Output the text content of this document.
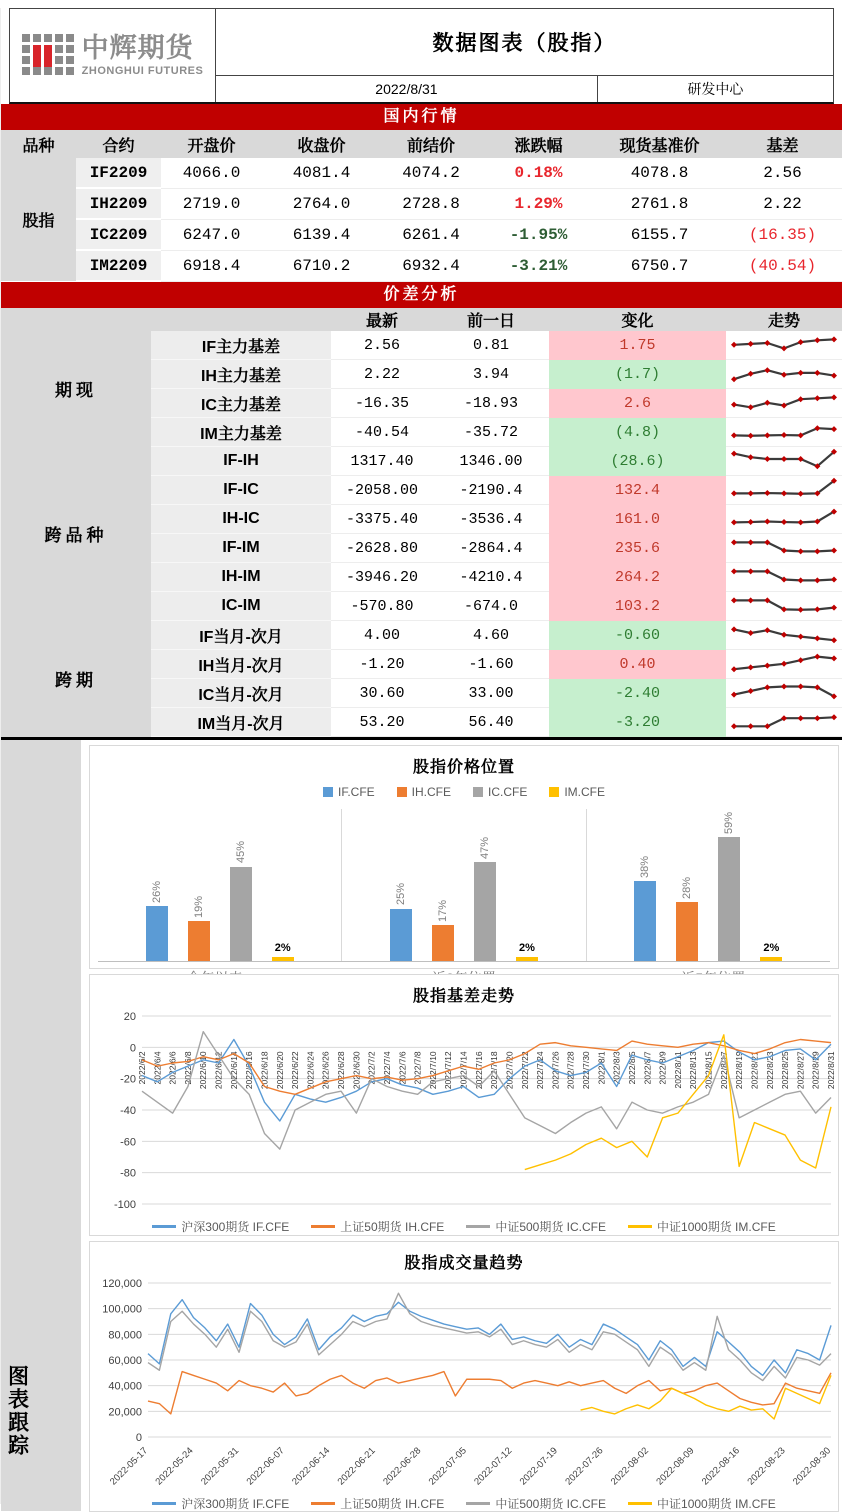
中辉期货
ZHONGHUI FUTURES
数据图表（股指）
2022/8/31	研发中心
国内行情
品种	合约	开盘价	收盘价	前结价	涨跌幅	现货基准价	基差
股指	IF2209	4066.0	4081.4	4074.2	0.18%	4078.8	2.56
	IH2209	2719.0	2764.0	2728.8	1.29%	2761.8	2.22
	IC2209	6247.0	6139.4	6261.4	-1.95%	6155.7	(16.35)
	IM2209	6918.4	6710.2	6932.4	-3.21%	6750.7	(40.54)
价差分析
		最新	前一日	变化	走势
期现	IF主力基差	2.56	0.81	1.75	
	IH主力基差	2.22	3.94	(1.7)	
	IC主力基差	-16.35	-18.93	2.6	
	IM主力基差	-40.54	-35.72	(4.8)	
跨品种	IF-IH	1317.40	1346.00	(28.6)	
	IF-IC	-2058.00	-2190.4	132.4	
	IH-IC	-3375.40	-3536.4	161.0	
	IF-IM	-2628.80	-2864.4	235.6	
	IH-IM	-3946.20	-4210.4	264.2	
	IC-IM	-570.80	-674.0	103.2	
跨期	IF当月-次月	4.00	4.60	-0.60	
	IH当月-次月	-1.20	-1.60	0.40	
	IC当月-次月	30.60	33.00	-2.40	
	IM当月-次月	53.20	56.40	-3.20	
图表跟踪
股指价格位置
IF.CFE	IH.CFE	IC.CFE	IM.CFE
26%
19%
45%
2%
25%
17%
47%
2%
38%
28%
59%
2%
股指基差走势
20
0
-20
-40
-60
-80
-100
2022/6/2 2022/6/4 2022/6/6 2022/6/8 2022/6/10 2022/6/12 2022/6/14 2022/6/16 2022/6/18 2022/6/20 2022/6/22 2022/6/24 2022/6/26 2022/6/28 2022/6/30 2022/7/2 2022/7/4 2022/7/6 2022/7/8 2022/7/10 2022/7/12 2022/7/14 2022/7/16 2022/7/18 2022/7/20 2022/7/22 2022/7/24 2022/7/26 2022/7/28 2022/7/30 2022/8/1 2022/8/3 2022/8/5 2022/8/7 2022/8/9 2022/8/11 2022/8/13 2022/8/15 2022/8/17 2022/8/19 2022/8/21 2022/8/23 2022/8/25 2022/8/27 2022/8/29 2022/8/31
沪深300期货 IF.CFE	上证50期货 IH.CFE	中证500期货 IC.CFE	中证1000期货 IM.CFE
股指成交量趋势
120,000
100,000
80,000
60,000
40,000
20,000
0
2022-05-17 2022-05-24 2022-05-31 2022-06-07 2022-06-14 2022-06-21 2022-06-28 2022-07-05 2022-07-12 2022-07-19 2022-07-26 2022-08-02 2022-08-09 2022-08-16 2022-08-23 2022-08-30
沪深300期货 IF.CFE	上证50期货 IH.CFE	中证500期货 IC.CFE	中证1000期货 IM.CFE
